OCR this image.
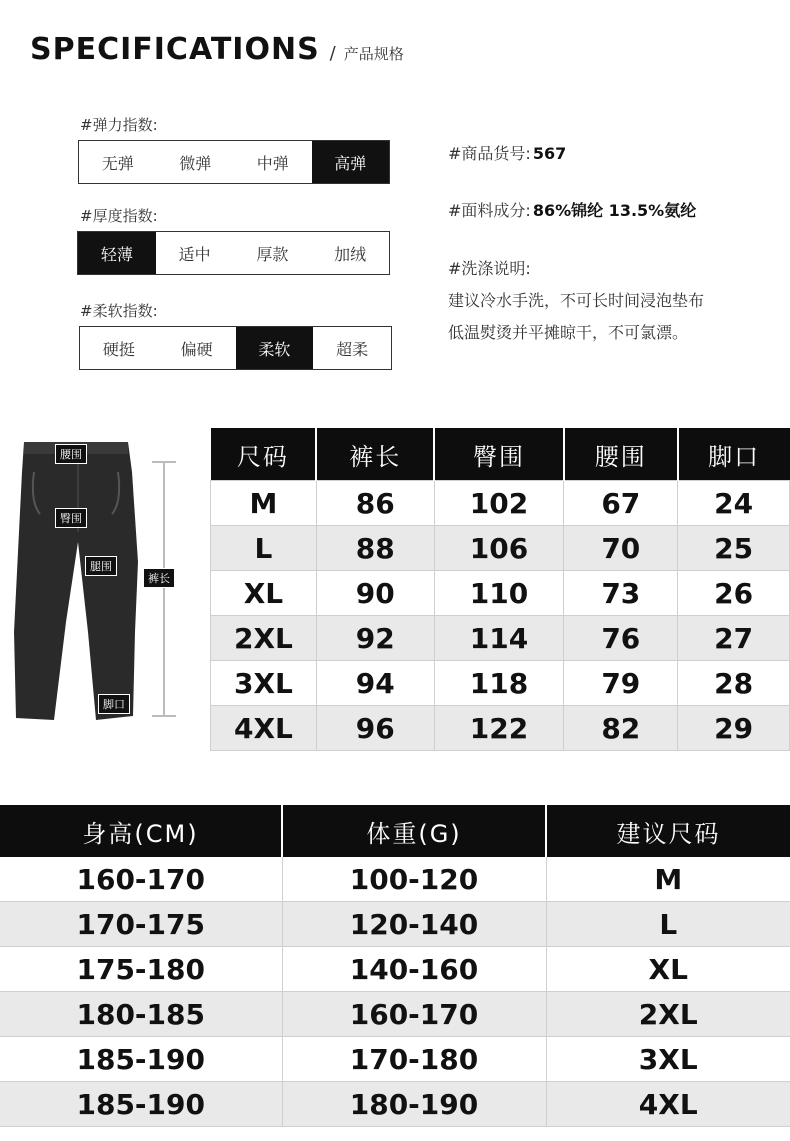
SPECIFICATIONS / 产品规格
#弹力指数:
无弹	微弹	中弹	高弹
#厚度指数:
轻薄	适中	厚款	加绒
#柔软指数:
硬挺	偏硬	柔软	超柔
#商品货号: 567
#面料成分: 86%锦纶 13.5%氨纶
#洗涤说明:
建议冷水手洗，不可长时间浸泡垫布低温熨烫并平摊晾干，不可氯漂。
腰围
臀围
腿围
裤长
脚口
尺码	裤长	臀围	腰围	脚口
M	86	102	67	24
L	88	106	70	25
XL	90	110	73	26
2XL	92	114	76	27
3XL	94	118	79	28
4XL	96	122	82	29
身高(CM)	体重(G)	建议尺码
160-170	100-120	M
170-175	120-140	L
175-180	140-160	XL
180-185	160-170	2XL
185-190	170-180	3XL
185-190	180-190	4XL
